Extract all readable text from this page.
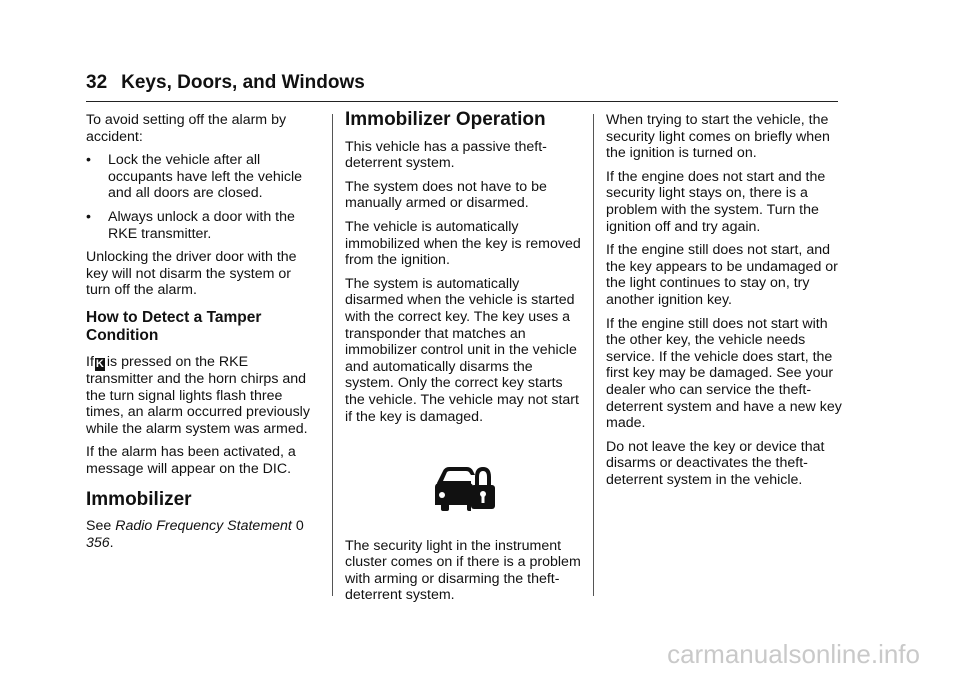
32 Keys, Doors, and Windows

To avoid setting off the alarm by accident:

• Lock the vehicle after all occupants have left the vehicle and all doors are closed.
• Always unlock a door with the RKE transmitter.

Unlocking the driver door with the key will not disarm the system or turn off the alarm.

How to Detect a Tamper Condition

If K is pressed on the RKE transmitter and the horn chirps and the turn signal lights flash three times, an alarm occurred previously while the alarm system was armed.

If the alarm has been activated, a message will appear on the DIC.

Immobilizer

See Radio Frequency Statement 0 356.

Immobilizer Operation

This vehicle has a passive theft-deterrent system.

The system does not have to be manually armed or disarmed.

The vehicle is automatically immobilized when the key is removed from the ignition.

The system is automatically disarmed when the vehicle is started with the correct key. The key uses a transponder that matches an immobilizer control unit in the vehicle and automatically disarms the system. Only the correct key starts the vehicle. The vehicle may not start if the key is damaged.

The security light in the instrument cluster comes on if there is a problem with arming or disarming the theft-deterrent system.

When trying to start the vehicle, the security light comes on briefly when the ignition is turned on.

If the engine does not start and the security light stays on, there is a problem with the system. Turn the ignition off and try again.

If the engine still does not start, and the key appears to be undamaged or the light continues to stay on, try another ignition key.

If the engine still does not start with the other key, the vehicle needs service. If the vehicle does start, the first key may be damaged. See your dealer who can service the theft-deterrent system and have a new key made.

Do not leave the key or device that disarms or deactivates the theft-deterrent system in the vehicle.

carmanualsonline.info
